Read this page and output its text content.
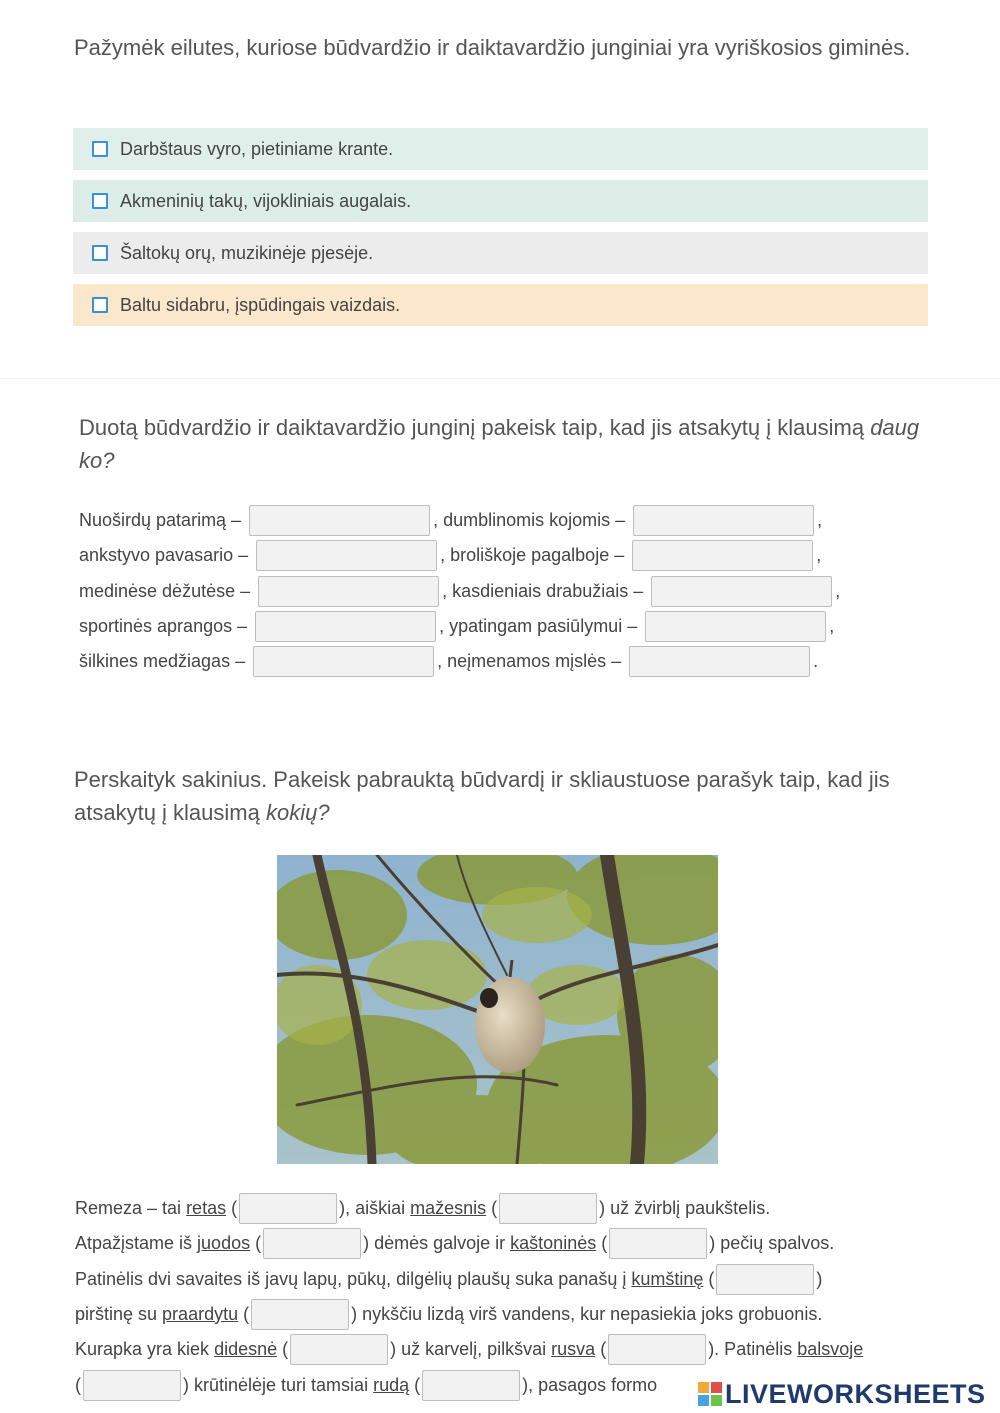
Pažymėk eilutes, kuriose būdvardžio ir daiktavardžio junginiai yra vyriškosios giminės.

Darbštaus vyro, pietiniame krante.
Akmeninių takų, vijokliniais augalais.
Šaltokų orų, muzikinėje pjesėje.
Baltu sidabru, įspūdingais vaizdais.

Duotą būdvardžio ir daiktavardžio junginį pakeisk taip, kad jis atsakytų į klausimą daug ko?

Nuoširdų patarimą –	, dumblinomis kojomis –	,
ankstyvo pavasario –	, broliškoje pagalboje –	,
medinėse dėžutėse –	, kasdieniais drabužiais –	,
sportinės aprangos –	, ypatingam pasiūlymui –	,
šilkines medžiagas –	, neįmenamos mįslės –	.

Perskaityk sakinius. Pakeisk pabrauktą būdvardį ir skliaustuose parašyk taip, kad jis atsakytų į klausimą kokių?

Remeza – tai retas (	), aiškiai mažesnis (	) už žvirblį paukštelis.
Atpažįstame iš juodos (	) dėmės galvoje ir kaštoninės (	) pečių spalvos.
Patinėlis dvi savaites iš javų lapų, pūkų, dilgėlių plaušų suka panašų į kumštinę (	)
pirštinę su praardytu (	) nykščiu lizdą virš vandens, kur nepasiekia joks grobuonis.
Kurapka yra kiek didesnė (	) už karvelį, pilkšvai rusva (	). Patinėlis balsvoje
(	) krūtinėlėje turi tamsiai rudą (	), pasagos formo	LIVEWORKSHEETS
